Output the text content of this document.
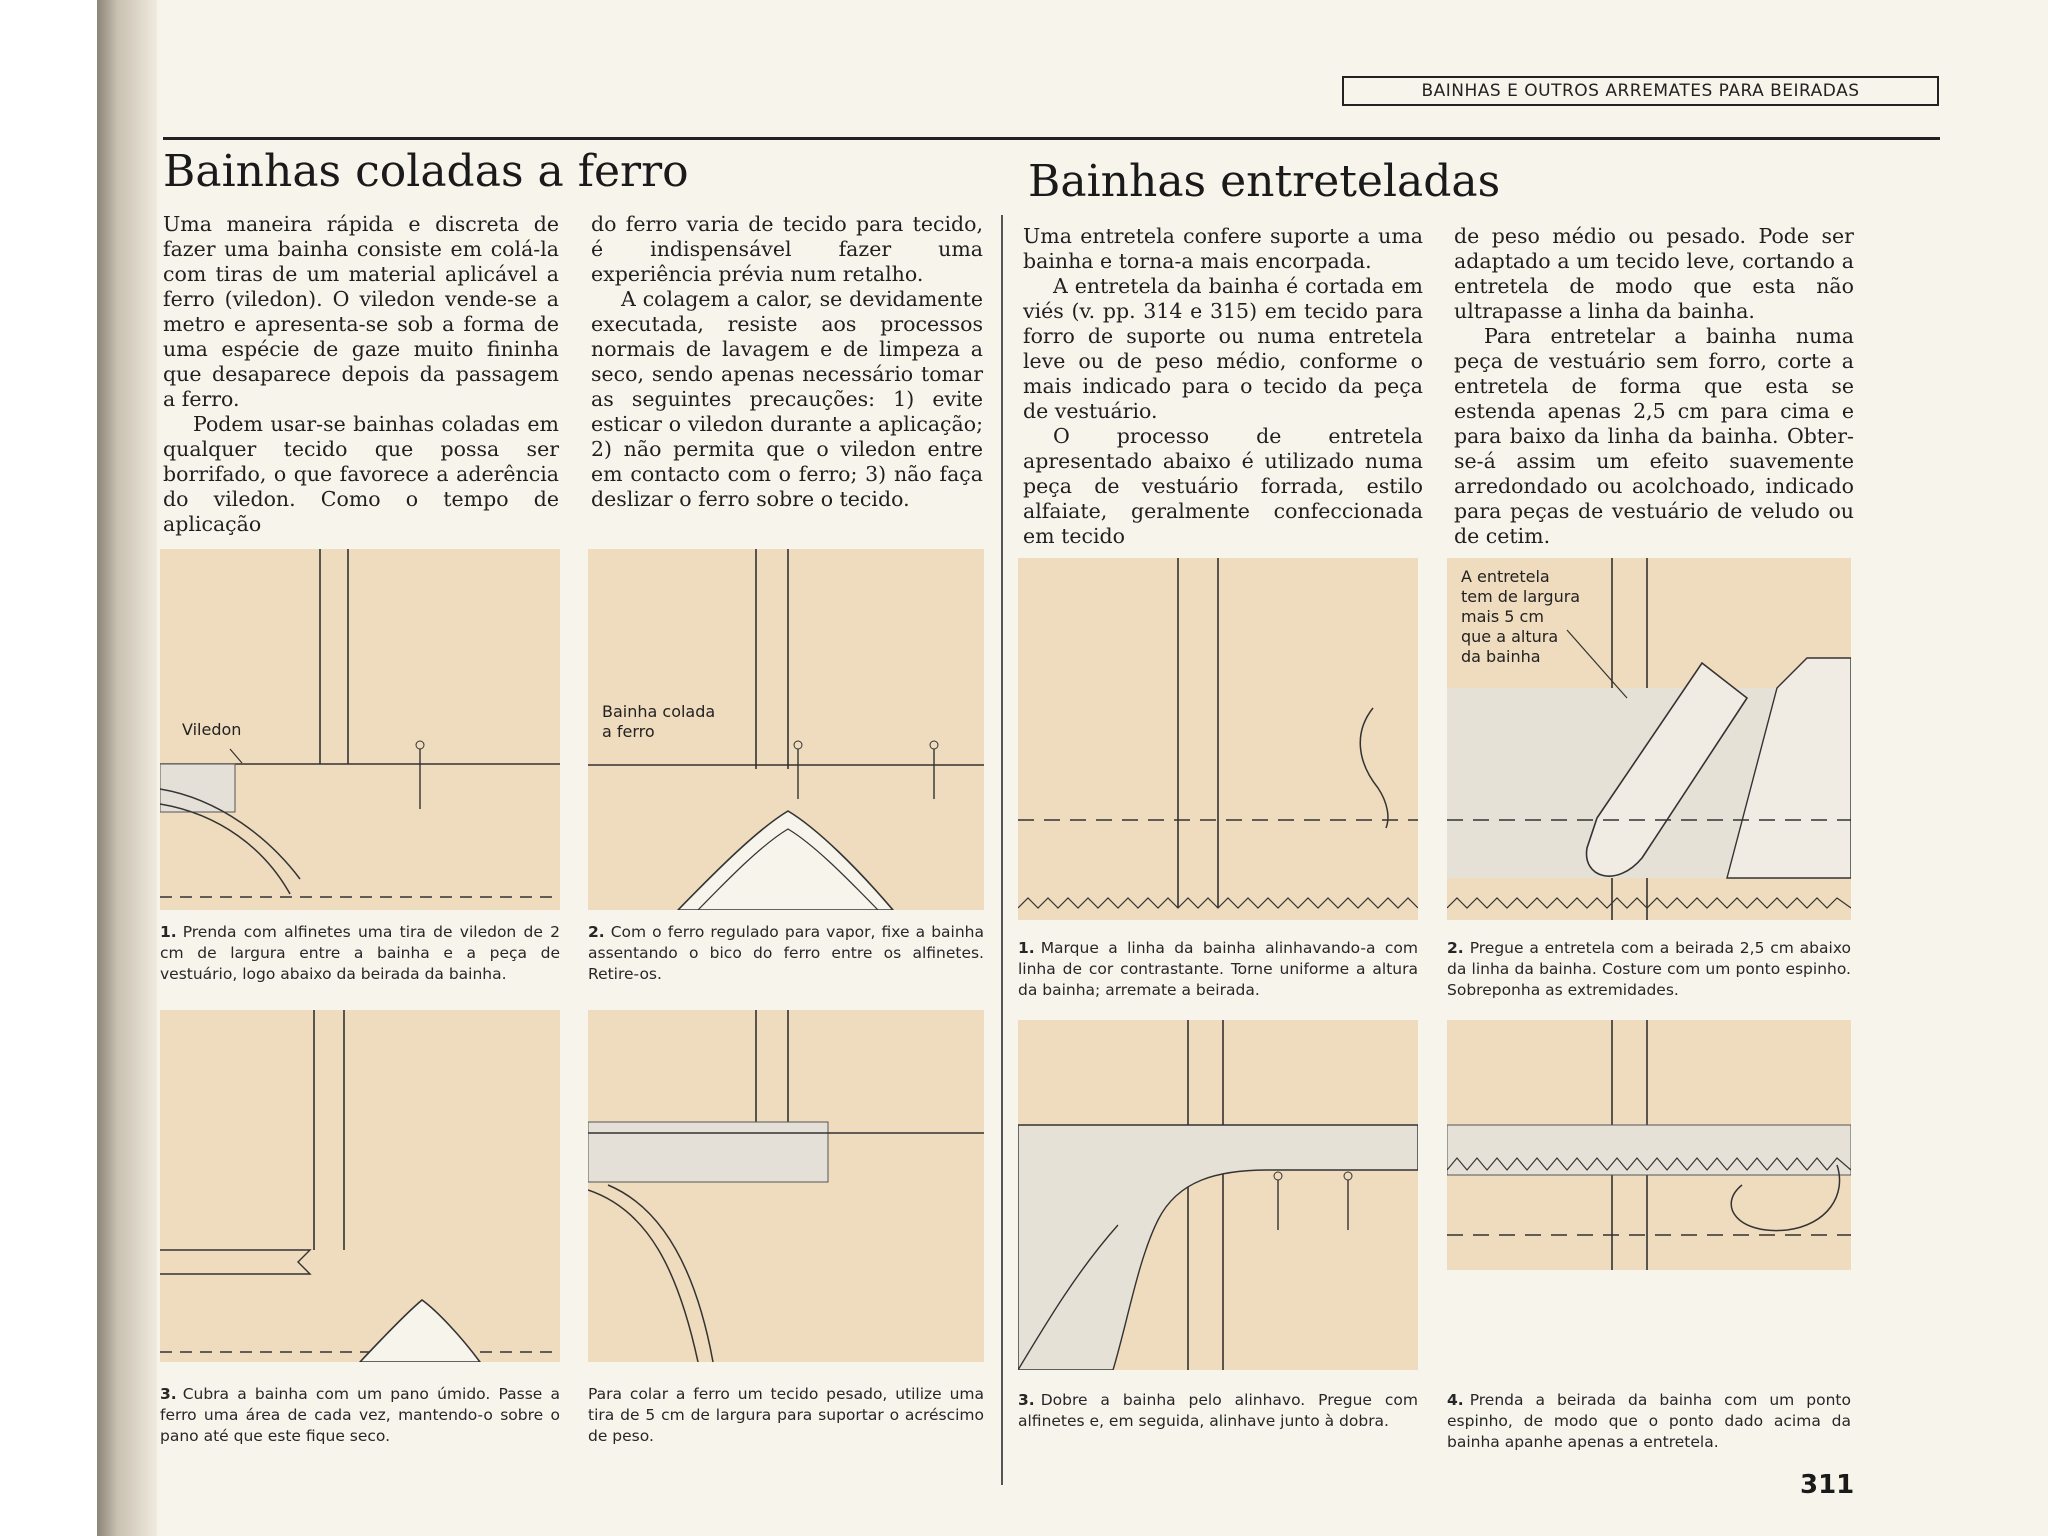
BAINHAS E OUTROS ARREMATES PARA BEIRADAS
Bainhas coladas a ferro

Uma maneira rápida e discreta de fazer uma bainha consiste em colá-la com tiras de um material aplicável a ferro (viledon). O viledon vende-se a metro e apresenta-se sob a forma de uma espécie de gaze muito fininha que desaparece depois da passagem a ferro.

Podem usar-se bainhas coladas em qualquer tecido que possa ser borrifado, o que favorece a aderência do viledon. Como o tempo de aplicação

do ferro varia de tecido para tecido, é indispensável fazer uma experiência prévia num retalho.

A colagem a calor, se devidamente executada, resiste aos processos normais de lavagem e de limpeza a seco, sendo apenas necessário tomar as seguintes precauções: 1) evite esticar o viledon durante a aplicação; 2) não permita que o viledon entre em contacto com o ferro; 3) não faça deslizar o ferro sobre o tecido.

Viledon
1. Prenda com alfinetes uma tira de viledon de 2 cm de largura entre a bainha e a peça de vestuário, logo abaixo da beirada da bainha.
Bainha colada
a ferro
2. Com o ferro regulado para vapor, fixe a bainha assentando o bico do ferro entre os alfinetes. Retire-os.
3. Cubra a bainha com um pano úmido. Passe a ferro uma área de cada vez, mantendo-o sobre o pano até que este fique seco.
Para colar a ferro um tecido pesado, utilize uma tira de 5 cm de largura para suportar o acréscimo de peso.
Bainhas entreteladas

Uma entretela confere suporte a uma bainha e torna-a mais encorpada.

A entretela da bainha é cortada em viés (v. pp. 314 e 315) em tecido para forro de suporte ou numa entretela leve ou de peso médio, conforme o mais indicado para o tecido da peça de vestuário.

O processo de entretela apresentado abaixo é utilizado numa peça de vestuário forrada, estilo alfaiate, geralmente confeccionada em tecido

de peso médio ou pesado. Pode ser adaptado a um tecido leve, cortando a entretela de modo que esta não ultrapasse a linha da bainha.

Para entretelar a bainha numa peça de vestuário sem forro, corte a entretela de forma que esta se estenda apenas 2,5 cm para cima e para baixo da linha da bainha. Obter-se-á assim um efeito suavemente arredondado ou acolchoado, indicado para peças de vestuário de veludo ou de cetim.

1. Marque a linha da bainha alinhavando-a com linha de cor contrastante. Torne uniforme a altura da bainha; arremate a beirada.
A entretela
tem de largura
mais 5 cm
que a altura
da bainha
2. Pregue a entretela com a beirada 2,5 cm abaixo da linha da bainha. Costure com um ponto espinho. Sobreponha as extremidades.
3. Dobre a bainha pelo alinhavo. Pregue com alfinetes e, em seguida, alinhave junto à dobra.
4. Prenda a beirada da bainha com um ponto espinho, de modo que o ponto dado acima da bainha apanhe apenas a entretela.
311
